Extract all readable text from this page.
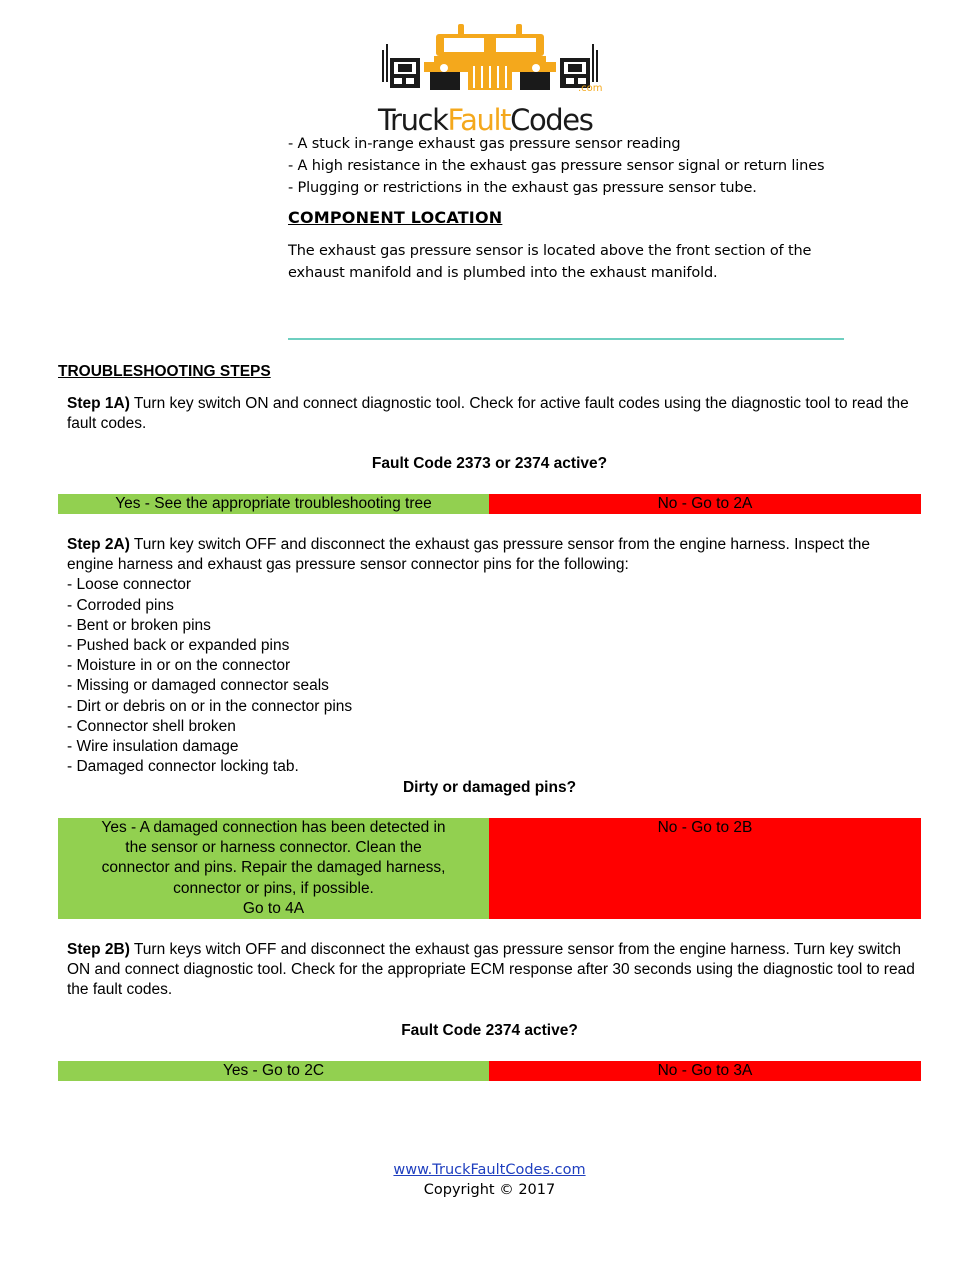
TruckFaultCodes
.com
- A stuck in-range exhaust gas pressure sensor reading
- A high resistance in the exhaust gas pressure sensor signal or return lines
- Plugging or restrictions in the exhaust gas pressure sensor tube.
COMPONENT LOCATION
The exhaust gas pressure sensor is located above the front section of the exhaust manifold and is plumbed into the exhaust manifold.
TROUBLESHOOTING STEPS
Step 1A) Turn key switch ON and connect diagnostic tool. Check for active fault codes using the diagnostic tool to read the fault codes.
Fault Code 2373 or 2374 active?
Yes - See the appropriate troubleshooting tree	No - Go to 2A
Step 2A) Turn key switch OFF and disconnect the exhaust gas pressure sensor from the engine harness. Inspect the engine harness and exhaust gas pressure sensor connector pins for the following:
- Loose connector
- Corroded pins
- Bent or broken pins
- Pushed back or expanded pins
- Moisture in or on the connector
- Missing or damaged connector seals
- Dirt or debris on or in the connector pins
- Connector shell broken
- Wire insulation damage
- Damaged connector locking tab.
Dirty or damaged pins?
Yes - A damaged connection has been detected in
the sensor or harness connector. Clean the
connector and pins. Repair the damaged harness,
connector or pins, if possible.
Go to 4A
No - Go to 2B
Step 2B) Turn keys witch OFF and disconnect the exhaust gas pressure sensor from the engine harness. Turn key switch ON and connect diagnostic tool. Check for the appropriate ECM response after 30 seconds using the diagnostic tool to read the fault codes.
Fault Code 2374 active?
Yes - Go to 2C	No - Go to 3A
www.TruckFaultCodes.com
Copyright © 2017
